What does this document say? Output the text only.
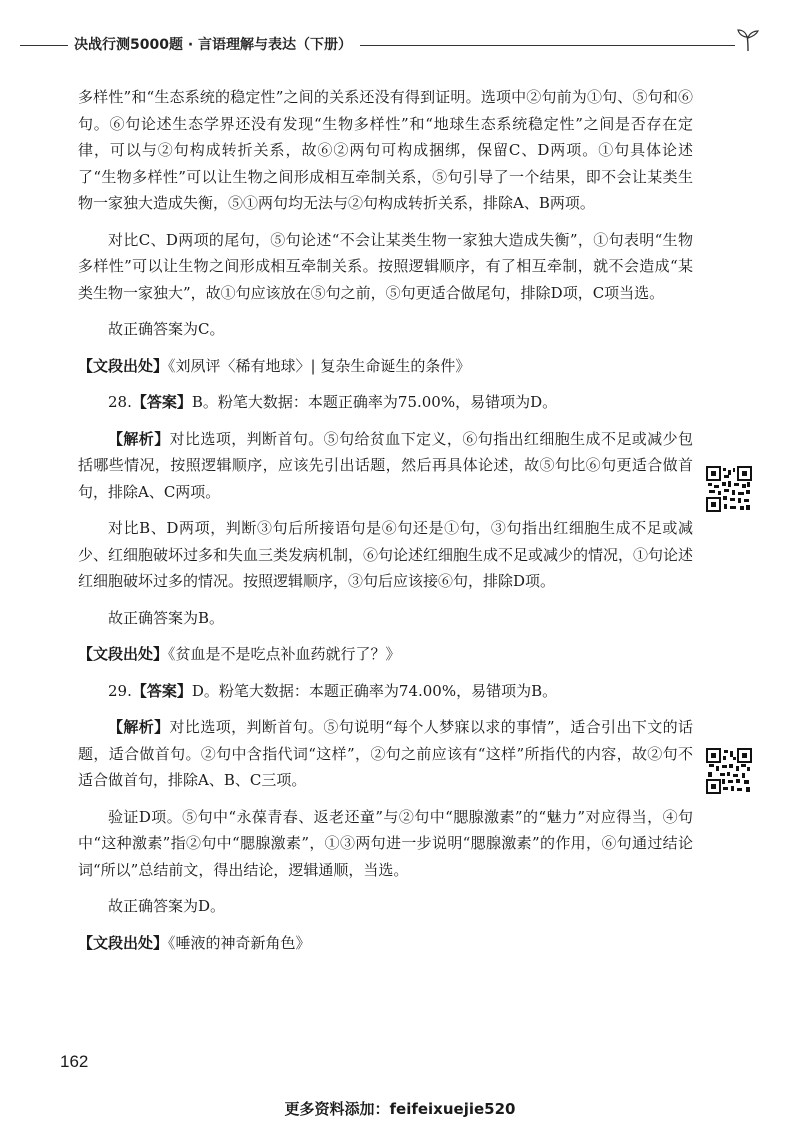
决战行测5000题 · 言语理解与表达（下册）

多样性”和“生态系统的稳定性”之间的关系还没有得到证明。选项中②句前为①句、⑤句和⑥句。⑥句论述生态学界还没有发现“生物多样性”和“地球生态系统稳定性”之间是否存在定律，可以与②句构成转折关系，故⑥②两句可构成捆绑，保留C、D两项。①句具体论述了“生物多样性”可以让生物之间形成相互牵制关系，⑤句引导了一个结果，即不会让某类生物一家独大造成失衡，⑤①两句均无法与②句构成转折关系，排除A、B两项。

对比C、D两项的尾句，⑤句论述“不会让某类生物一家独大造成失衡”，①句表明“生物多样性”可以让生物之间形成相互牵制关系。按照逻辑顺序，有了相互牵制，就不会造成“某类生物一家独大”，故①句应该放在⑤句之前，⑤句更适合做尾句，排除D项，C项当选。

故正确答案为C。

【文段出处】《刘夙评〈稀有地球〉| 复杂生命诞生的条件》

28.【答案】B。粉笔大数据：本题正确率为75.00%，易错项为D。

【解析】对比选项，判断首句。⑤句给贫血下定义，⑥句指出红细胞生成不足或减少包括哪些情况，按照逻辑顺序，应该先引出话题，然后再具体论述，故⑤句比⑥句更适合做首句，排除A、C两项。

对比B、D两项，判断③句后所接语句是⑥句还是①句，③句指出红细胞生成不足或减少、红细胞破坏过多和失血三类发病机制，⑥句论述红细胞生成不足或减少的情况，①句论述红细胞破坏过多的情况。按照逻辑顺序，③句后应该接⑥句，排除D项。

故正确答案为B。

【文段出处】《贫血是不是吃点补血药就行了？》

29.【答案】D。粉笔大数据：本题正确率为74.00%，易错项为B。

【解析】对比选项，判断首句。⑤句说明“每个人梦寐以求的事情”，适合引出下文的话题，适合做首句。②句中含指代词“这样”，②句之前应该有“这样”所指代的内容，故②句不适合做首句，排除A、B、C三项。

验证D项。⑤句中“永葆青春、返老还童”与②句中“腮腺激素”的“魅力”对应得当，④句中“这种激素”指②句中“腮腺激素”，①③两句进一步说明“腮腺激素”的作用，⑥句通过结论词“所以”总结前文，得出结论，逻辑通顺，当选。

故正确答案为D。

【文段出处】《唾液的神奇新角色》

162
更多资料添加：feifeixuejie520
